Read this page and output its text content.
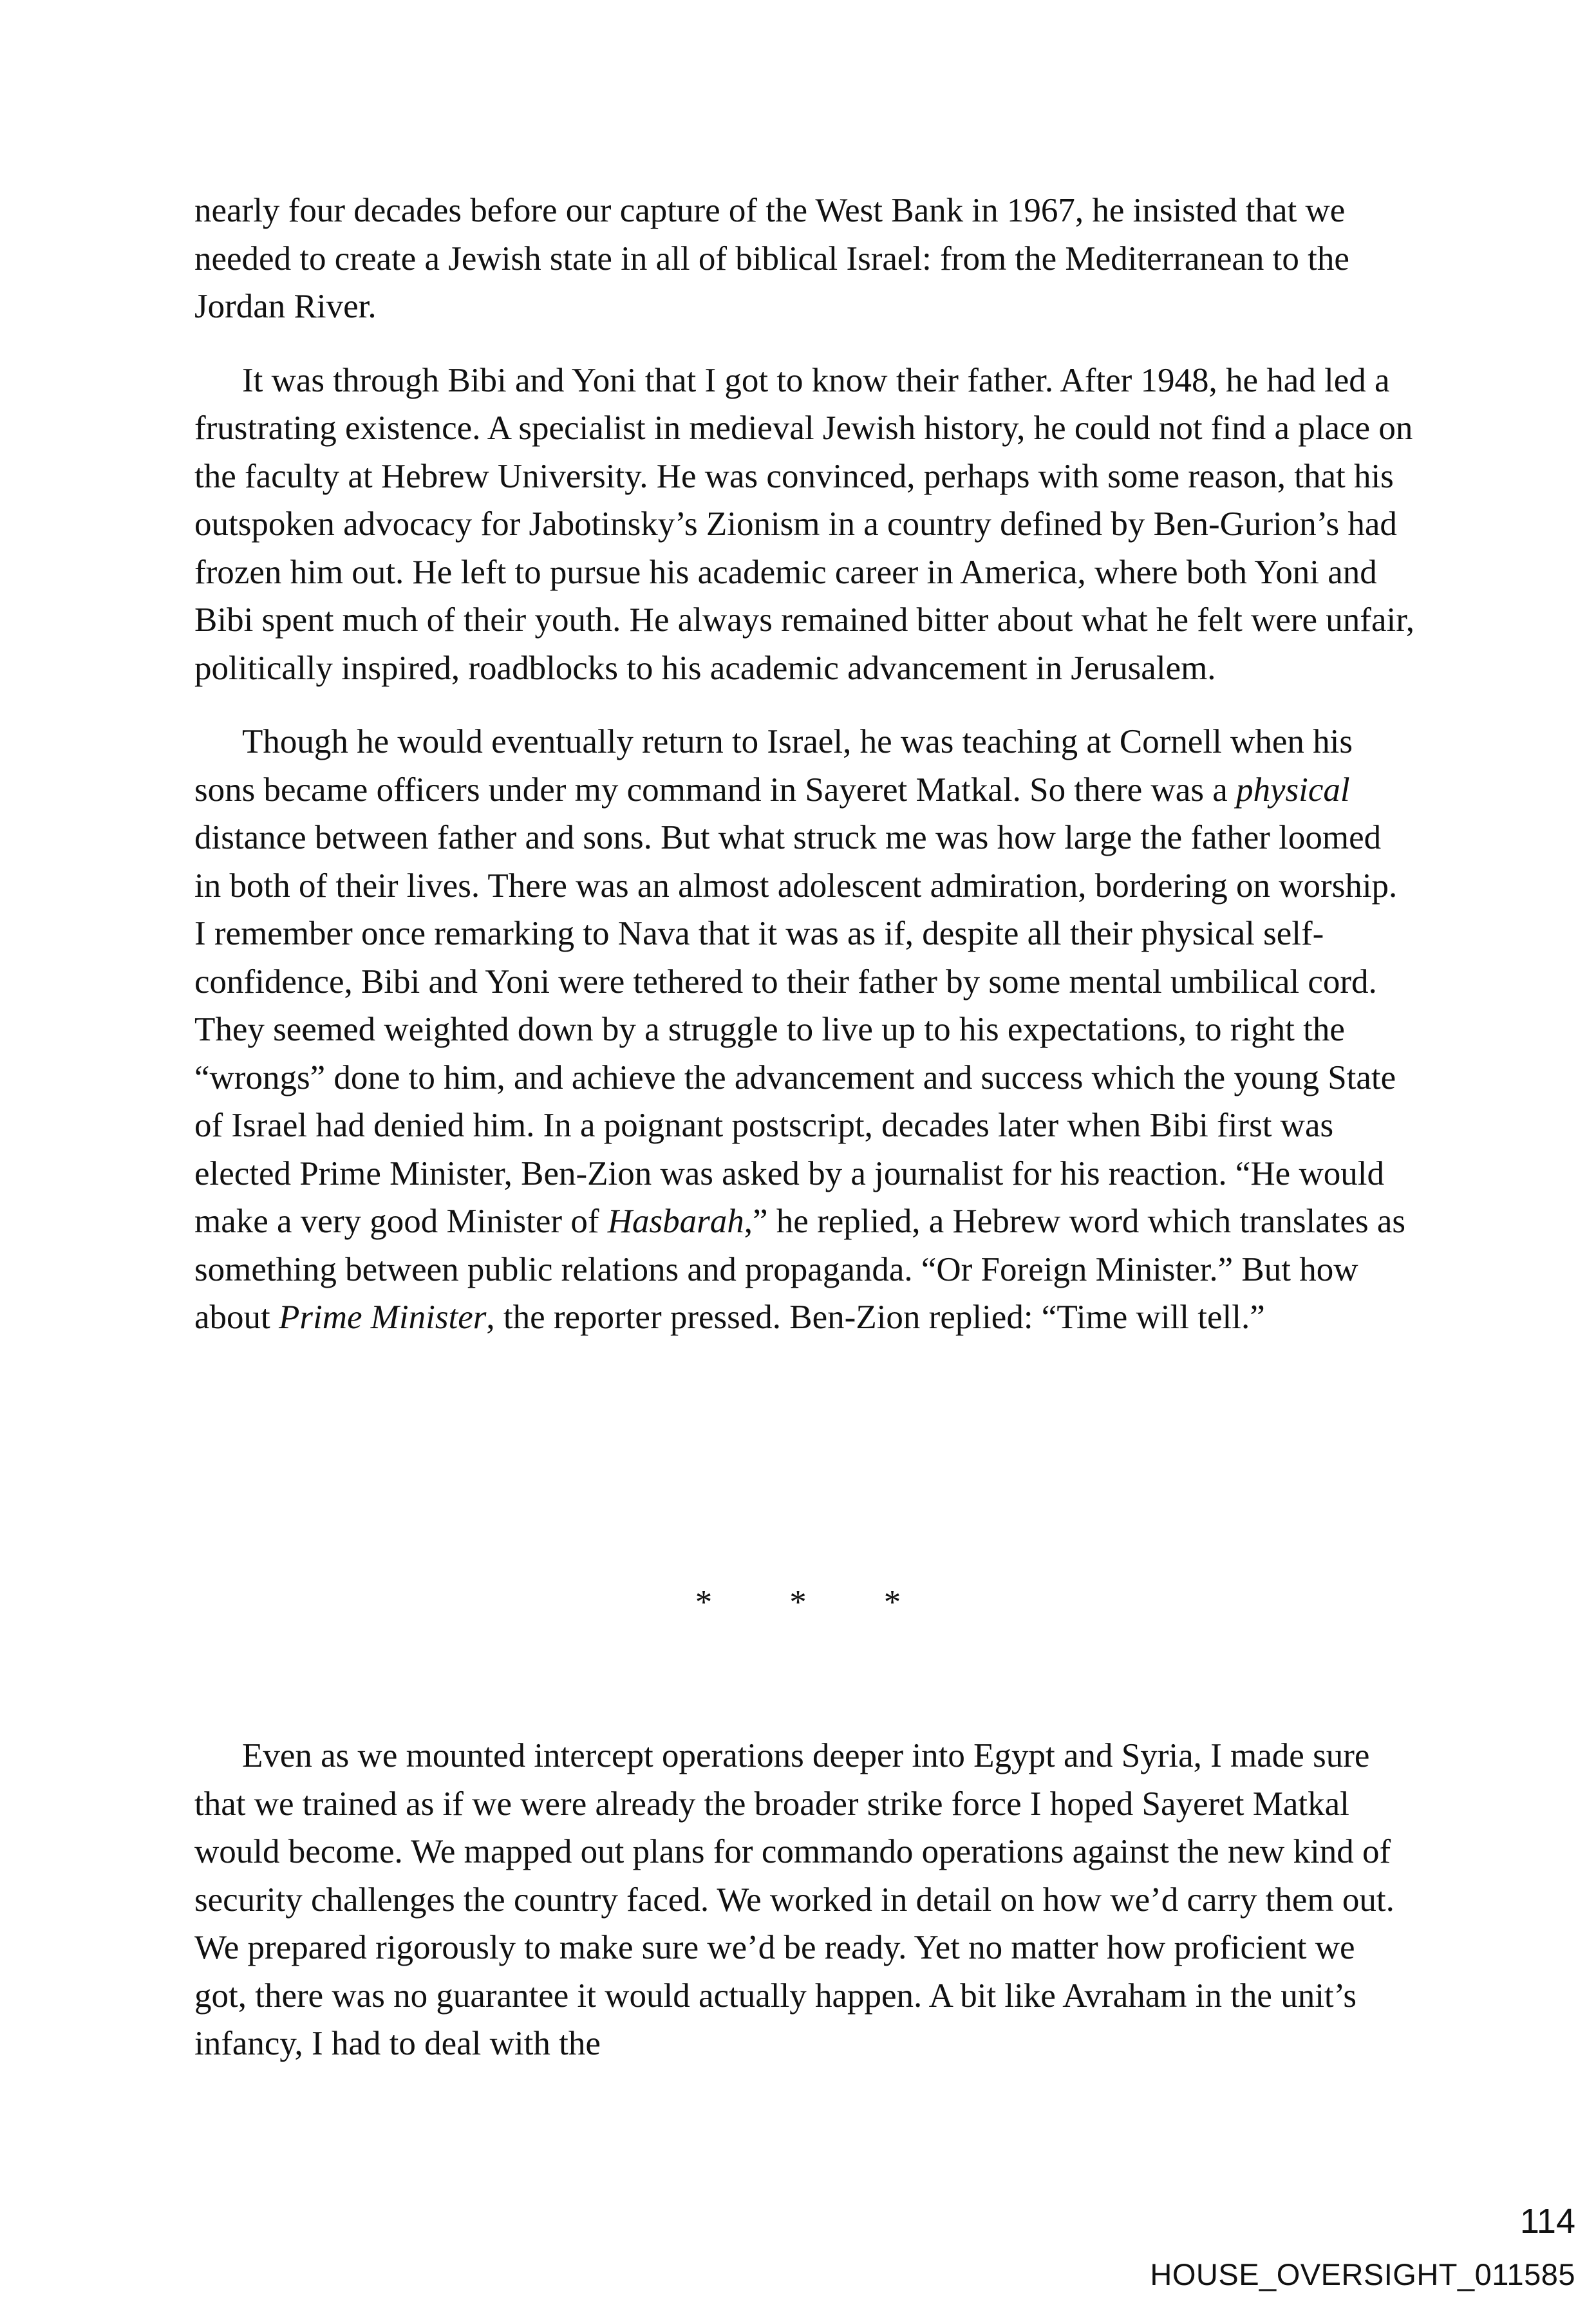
nearly four decades before our capture of the West Bank in 1967, he insisted that we needed to create a Jewish state in all of biblical Israel: from the Mediterranean to the Jordan River.

It was through Bibi and Yoni that I got to know their father. After 1948, he had led a frustrating existence. A specialist in medieval Jewish history, he could not find a place on the faculty at Hebrew University. He was convinced, perhaps with some reason, that his outspoken advocacy for Jabotinsky’s Zionism in a country defined by Ben-Gurion’s had frozen him out. He left to pursue his academic career in America, where both Yoni and Bibi spent much of their youth. He always remained bitter about what he felt were unfair, politically inspired, roadblocks to his academic advancement in Jerusalem.

Though he would eventually return to Israel, he was teaching at Cornell when his sons became officers under my command in Sayeret Matkal. So there was a physical distance between father and sons. But what struck me was how large the father loomed in both of their lives. There was an almost adolescent admiration, bordering on worship. I remember once remarking to Nava that it was as if, despite all their physical self-confidence, Bibi and Yoni were tethered to their father by some mental umbilical cord. They seemed weighted down by a struggle to live up to his expectations, to right the “wrongs” done to him, and achieve the advancement and success which the young State of Israel had denied him. In a poignant postscript, decades later when Bibi first was elected Prime Minister, Ben-Zion was asked by a journalist for his reaction. “He would make a very good Minister of Hasbarah,” he replied, a Hebrew word which translates as something between public relations and propaganda. “Or Foreign Minister.” But how about Prime Minister, the reporter pressed. Ben-Zion replied: “Time will tell.”

* * *

Even as we mounted intercept operations deeper into Egypt and Syria, I made sure that we trained as if we were already the broader strike force I hoped Sayeret Matkal would become. We mapped out plans for commando operations against the new kind of security challenges the country faced. We worked in detail on how we’d carry them out. We prepared rigorously to make sure we’d be ready. Yet no matter how proficient we got, there was no guarantee it would actually happen. A bit like Avraham in the unit’s infancy, I had to deal with the

114
HOUSE_OVERSIGHT_011585
